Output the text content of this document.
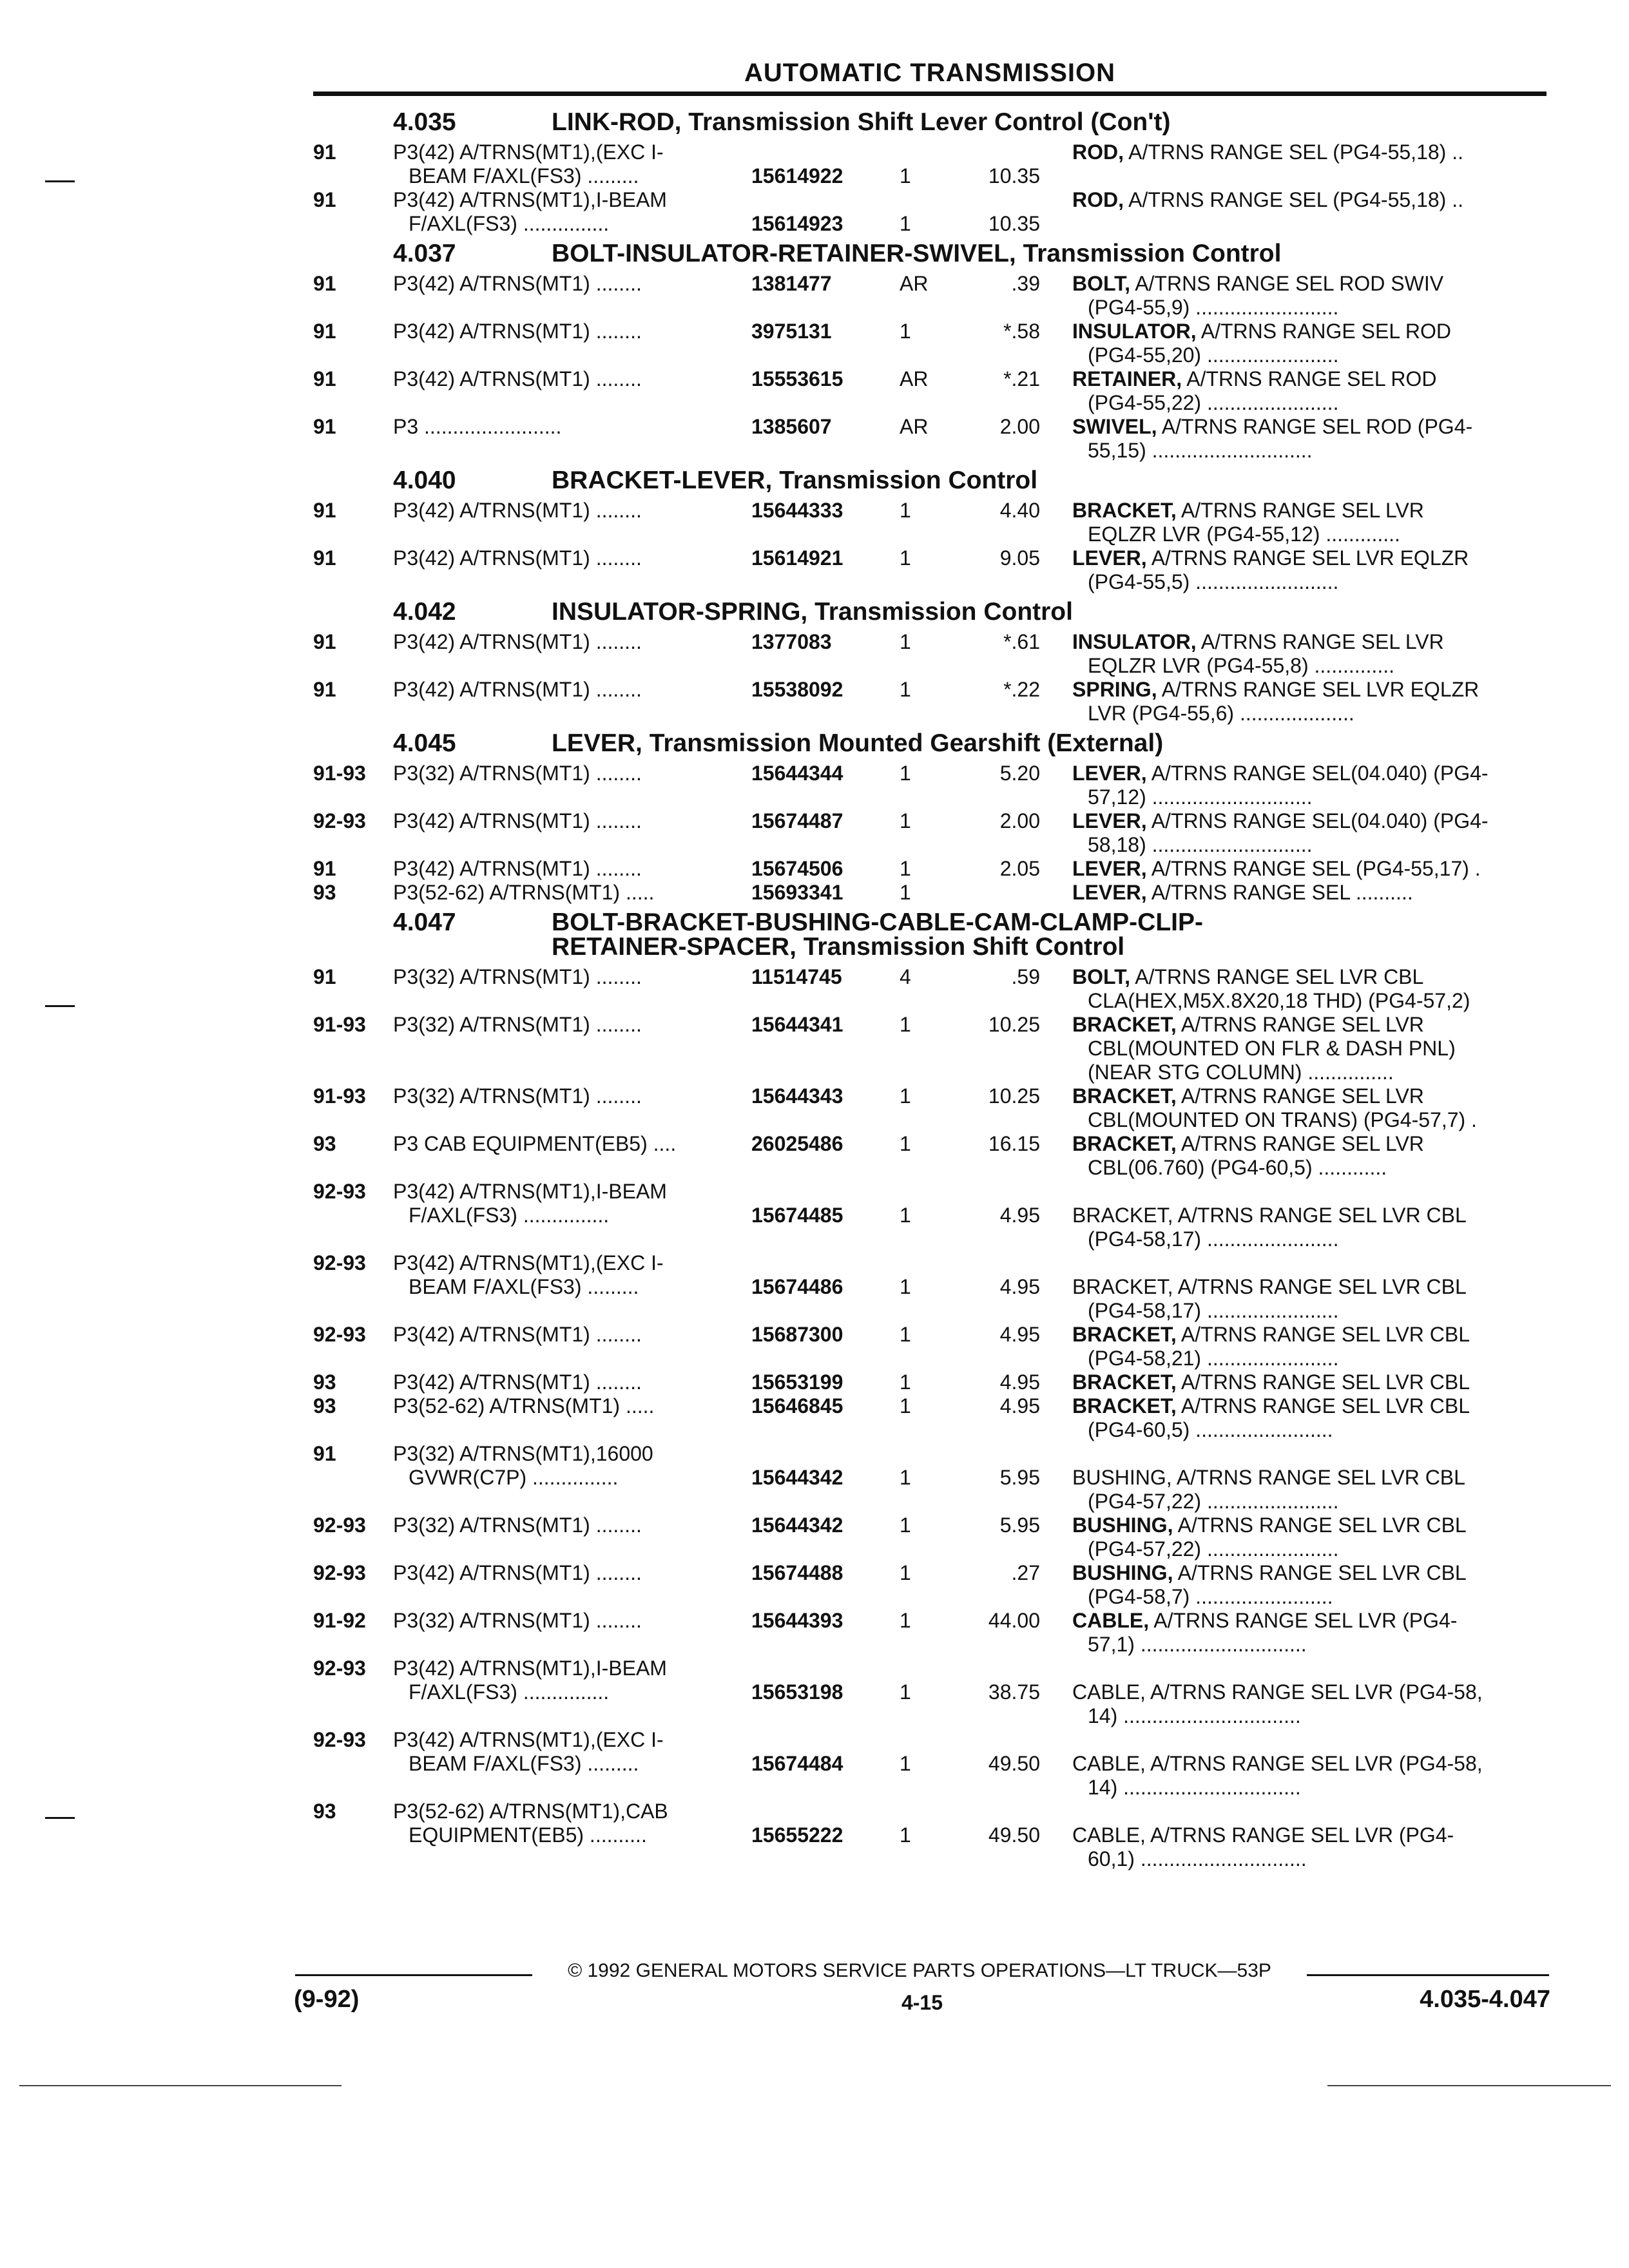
AUTOMATIC TRANSMISSION
4.035	LINK-ROD, Transmission Shift Lever Control (Con't)
91	P3(42) A/TRNS(MT1),(EXC I-
BEAM F/AXL(FS3) .........	15614922	1	10.35
ROD, A/TRNS RANGE SEL (PG4-55,18) ..
91	P3(42) A/TRNS(MT1),I-BEAM
F/AXL(FS3) ...............	15614923	1	10.35
ROD, A/TRNS RANGE SEL (PG4-55,18) ..
4.037	BOLT-INSULATOR-RETAINER-SWIVEL, Transmission Control
91	P3(42) A/TRNS(MT1) ........	1381477	AR	.39 BOLT, A/TRNS RANGE SEL ROD SWIV
(PG4-55,9) .........................
91	P3(42) A/TRNS(MT1) ........	3975131	1	*.58 INSULATOR, A/TRNS RANGE SEL ROD
(PG4-55,20) .......................
91	P3(42) A/TRNS(MT1) ........	15553615	AR	*.21 RETAINER, A/TRNS RANGE SEL ROD
(PG4-55,22) .......................
91	P3 ........................	1385607	AR	2.00 SWIVEL, A/TRNS RANGE SEL ROD (PG4-
55,15) ............................
4.040	BRACKET-LEVER, Transmission Control
91	P3(42) A/TRNS(MT1) ........	15644333	1	4.40 BRACKET, A/TRNS RANGE SEL LVR
EQLZR LVR (PG4-55,12) .............
91	P3(42) A/TRNS(MT1) ........	15614921	1	9.05 LEVER, A/TRNS RANGE SEL LVR EQLZR
(PG4-55,5) .........................
4.042	INSULATOR-SPRING, Transmission Control
91	P3(42) A/TRNS(MT1) ........	1377083	1	*.61 INSULATOR, A/TRNS RANGE SEL LVR
EQLZR LVR (PG4-55,8) ..............
91	P3(42) A/TRNS(MT1) ........	15538092	1	*.22 SPRING, A/TRNS RANGE SEL LVR EQLZR
LVR (PG4-55,6) ....................
4.045	LEVER, Transmission Mounted Gearshift (External)
91-93 P3(32) A/TRNS(MT1) ........	15644344	1	5.20 LEVER, A/TRNS RANGE SEL(04.040) (PG4-
57,12) ............................
92-93 P3(42) A/TRNS(MT1) ........	15674487	1	2.00 LEVER, A/TRNS RANGE SEL(04.040) (PG4-
58,18) ............................
91	P3(42) A/TRNS(MT1) ........	15674506	1	2.05 LEVER, A/TRNS RANGE SEL (PG4-55,17) .
93	P3(52-62) A/TRNS(MT1) .....	15693341	1	LEVER, A/TRNS RANGE SEL ..........
4.047	BOLT-BRACKET-BUSHING-CABLE-CAM-CLAMP-CLIP-
RETAINER-SPACER, Transmission Shift Control
91	P3(32) A/TRNS(MT1) ........	11514745	4	.59 BOLT, A/TRNS RANGE SEL LVR CBL
CLA(HEX,M5X.8X20,18 THD) (PG4-57,2)
91-93 P3(32) A/TRNS(MT1) ........	15644341	1	10.25 BRACKET, A/TRNS RANGE SEL LVR
CBL(MOUNTED ON FLR & DASH PNL)
(NEAR STG COLUMN) ...............
91-93 P3(32) A/TRNS(MT1) ........	15644343	1	10.25 BRACKET, A/TRNS RANGE SEL LVR
CBL(MOUNTED ON TRANS) (PG4-57,7) .
93	P3 CAB EQUIPMENT(EB5) ....	26025486	1	16.15 BRACKET, A/TRNS RANGE SEL LVR
CBL(06.760) (PG4-60,5) ............
92-93 P3(42) A/TRNS(MT1),I-BEAM
F/AXL(FS3) ...............	15674485	1	4.95 BRACKET, A/TRNS RANGE SEL LVR CBL
(PG4-58,17) .......................
92-93 P3(42) A/TRNS(MT1),(EXC I-
BEAM F/AXL(FS3) .........	15674486	1	4.95 BRACKET, A/TRNS RANGE SEL LVR CBL
(PG4-58,17) .......................
92-93 P3(42) A/TRNS(MT1) ........	15687300	1	4.95 BRACKET, A/TRNS RANGE SEL LVR CBL
(PG4-58,21) .......................
93	P3(42) A/TRNS(MT1) ........	15653199	1	4.95 BRACKET, A/TRNS RANGE SEL LVR CBL
93	P3(52-62) A/TRNS(MT1) .....	15646845	1	4.95 BRACKET, A/TRNS RANGE SEL LVR CBL
(PG4-60,5) ........................
91	P3(32) A/TRNS(MT1),16000
GVWR(C7P) ...............	15644342	1	5.95 BUSHING, A/TRNS RANGE SEL LVR CBL
(PG4-57,22) .......................
92-93 P3(32) A/TRNS(MT1) ........	15644342	1	5.95 BUSHING, A/TRNS RANGE SEL LVR CBL
(PG4-57,22) .......................
92-93 P3(42) A/TRNS(MT1) ........	15674488	1	.27 BUSHING, A/TRNS RANGE SEL LVR CBL
(PG4-58,7) ........................
91-92 P3(32) A/TRNS(MT1) ........	15644393	1	44.00 CABLE, A/TRNS RANGE SEL LVR (PG4-
57,1) .............................
92-93 P3(42) A/TRNS(MT1),I-BEAM
F/AXL(FS3) ...............	15653198	1	38.75 CABLE, A/TRNS RANGE SEL LVR (PG4-58,
14) ...............................
92-93 P3(42) A/TRNS(MT1),(EXC I-
BEAM F/AXL(FS3) .........	15674484	1	49.50 CABLE, A/TRNS RANGE SEL LVR (PG4-58,
14) ...............................
93	P3(52-62) A/TRNS(MT1),CAB
EQUIPMENT(EB5) ..........	15655222	1	49.50 CABLE, A/TRNS RANGE SEL LVR (PG4-
60,1) .............................
© 1992 GENERAL MOTORS SERVICE PARTS OPERATIONS—LT TRUCK—53P
(9-92)	4-15	4.035-4.047
